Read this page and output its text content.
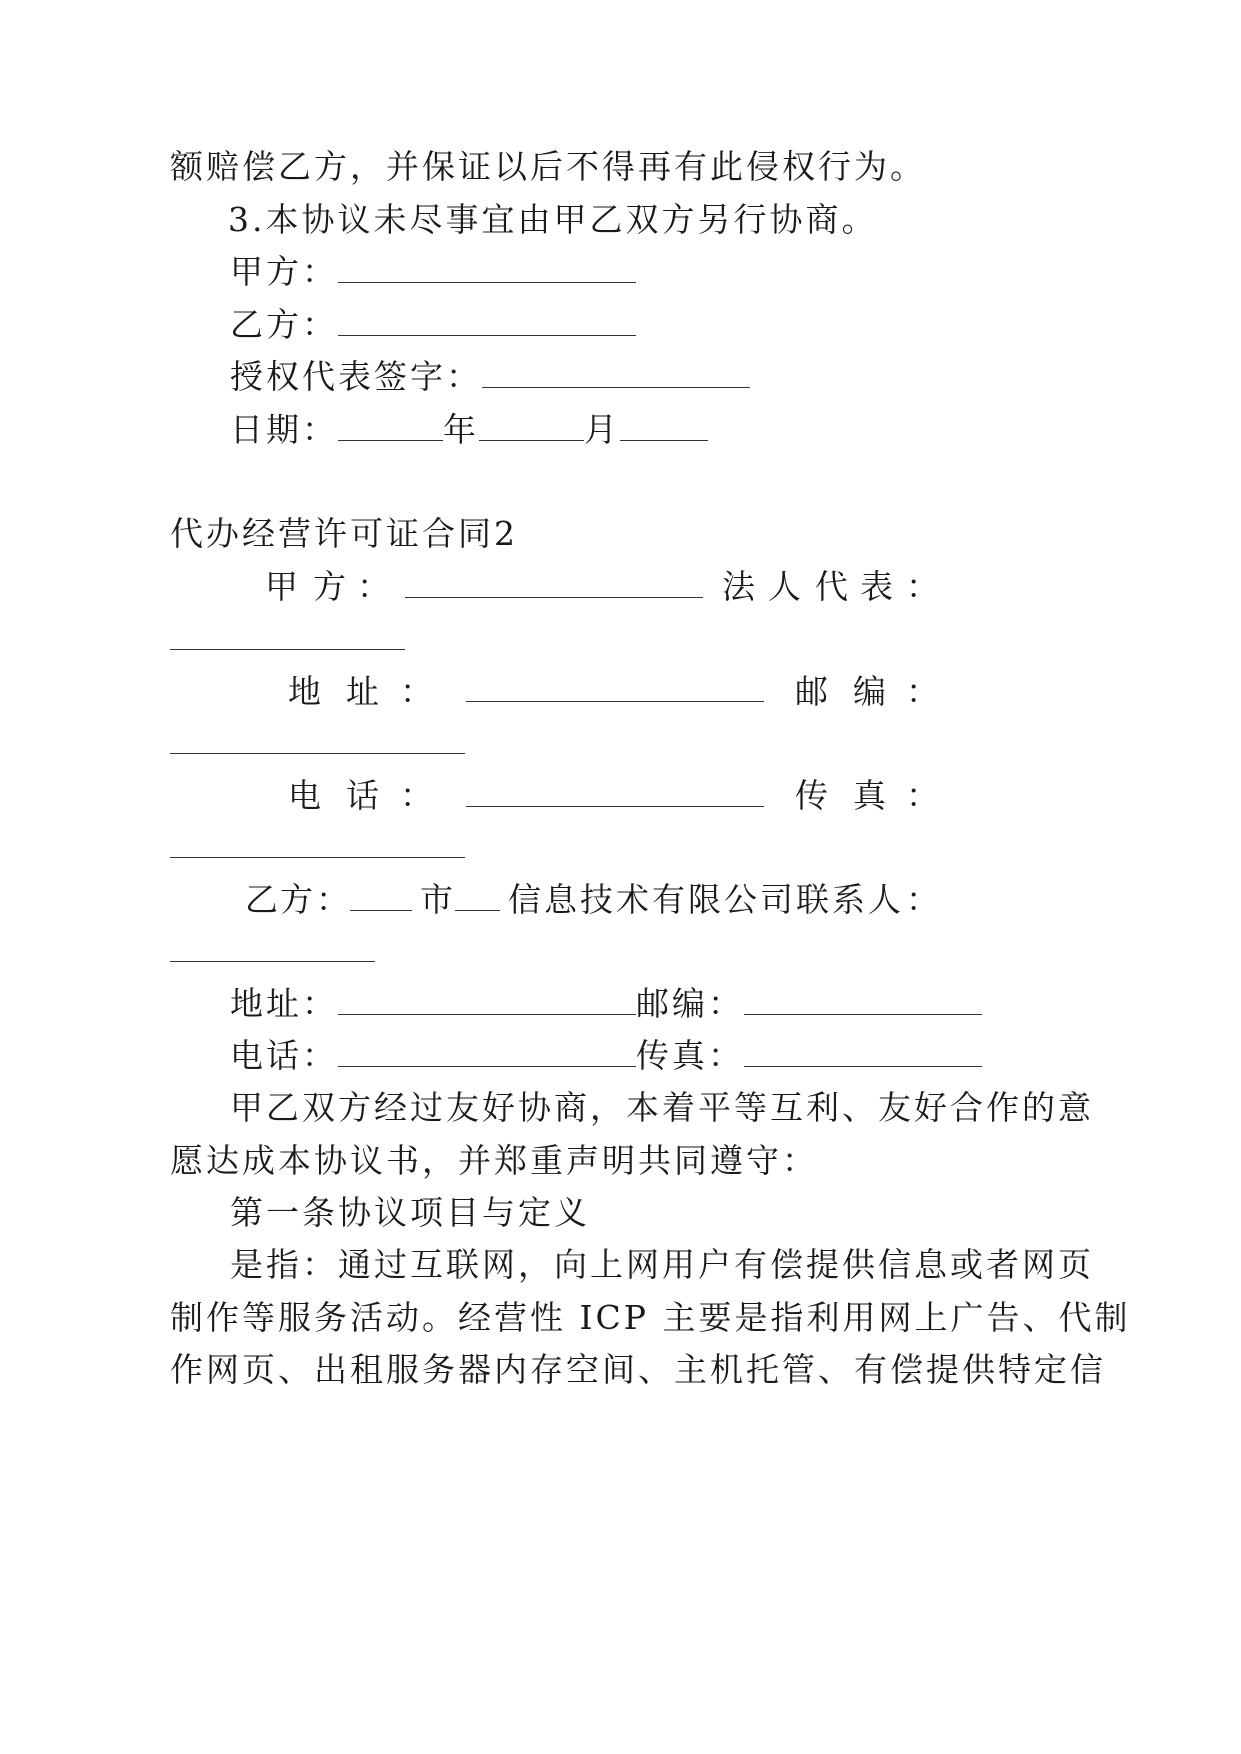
额赔偿乙方，并保证以后不得再有此侵权行为。
3.本协议未尽事宜由甲乙双方另行协商。
甲方：
乙方：
授权代表签字：
日期：	年	月
代办经营许可证合同2
甲 方 ：	法 人 代 表 ：
地 址 ：	邮 编 ：
电 话 ：	传 真 ：
乙 方 ： 市 信 息 技 术 有 限 公 司 联 系 人 ：
地址：	邮编：
电话：	传真：
甲乙双方经过友好协商，本着平等互利、友好合作的意
愿达成本协议书，并郑重声明共同遵守：
第一条协议项目与定义
是指：通过互联网，向上网用户有偿提供信息或者网页
制作等服务活动。经营性 ICP 主要是指利用网上广告、代制
作网页、出租服务器内存空间、主机托管、有偿提供特定信
